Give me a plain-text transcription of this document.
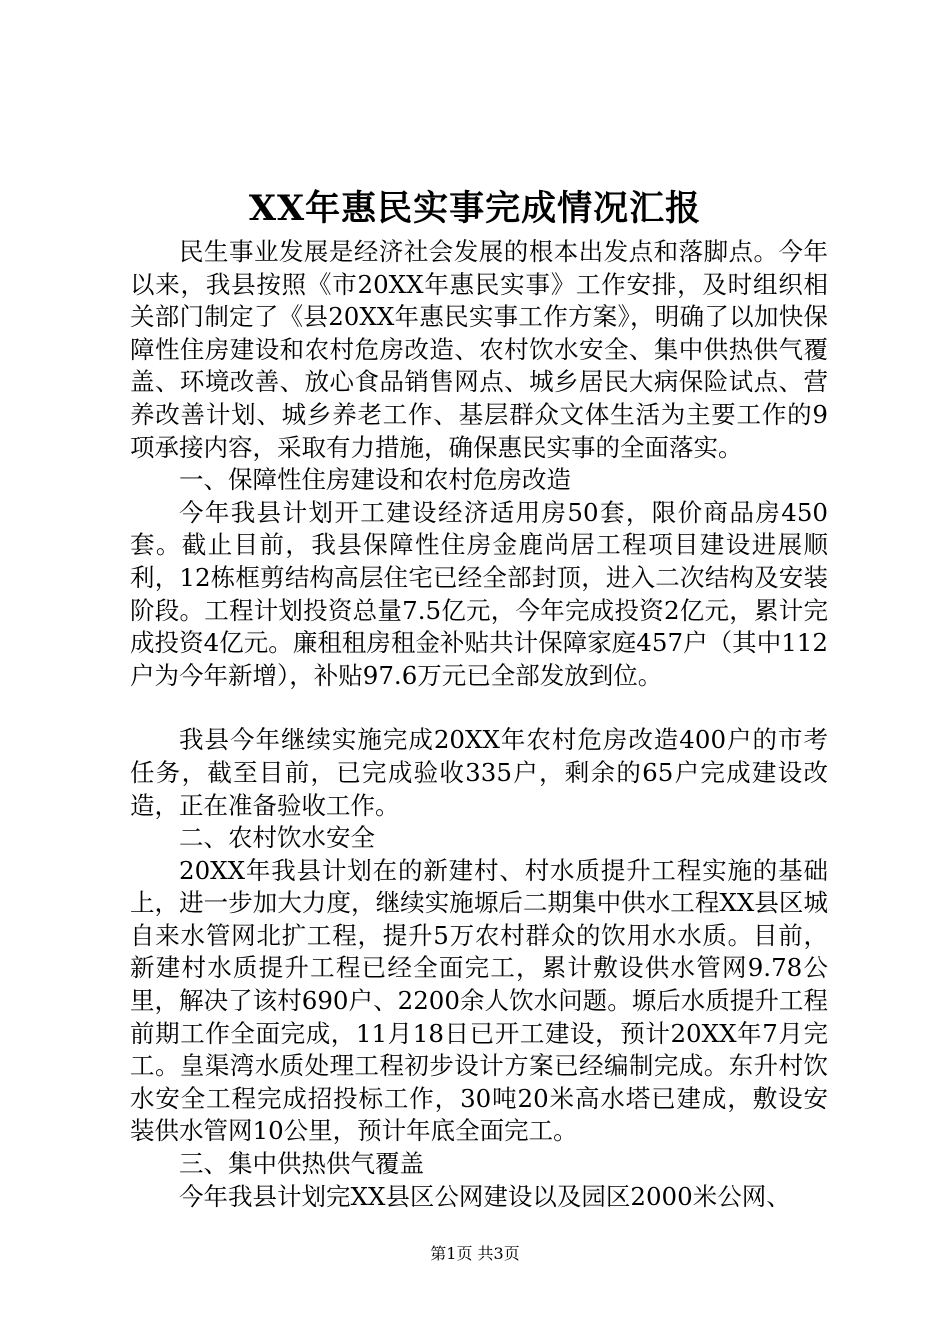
XX年惠民实事完成情况汇报

民生事业发展是经济社会发展的根本出发点和落脚点。今年以来，我县按照《市20XX年惠民实事》工作安排，及时组织相关部门制定了《县20XX年惠民实事工作方案》，明确了以加快保障性住房建设和农村危房改造、农村饮水安全、集中供热供气覆盖、环境改善、放心食品销售网点、城乡居民大病保险试点、营养改善计划、城乡养老工作、基层群众文体生活为主要工作的9项承接内容，采取有力措施，确保惠民实事的全面落实。

一、保障性住房建设和农村危房改造

今年我县计划开工建设经济适用房50套，限价商品房450套。截止目前，我县保障性住房金鹿尚居工程项目建设进展顺利，12栋框剪结构高层住宅已经全部封顶，进入二次结构及安装阶段。工程计划投资总量7.5亿元，今年完成投资2亿元，累计完成投资4亿元。廉租租房租金补贴共计保障家庭457户（其中112户为今年新增），补贴97.6万元已全部发放到位。

我县今年继续实施完成20XX年农村危房改造400户的市考任务，截至目前，已完成验收335户，剩余的65户完成建设改造，正在准备验收工作。

二、农村饮水安全

20XX年我县计划在的新建村、村水质提升工程实施的基础上，进一步加大力度，继续实施塬后二期集中供水工程XX县区城自来水管网北扩工程，提升5万农村群众的饮用水水质。目前，新建村水质提升工程已经全面完工，累计敷设供水管网9.78公里，解决了该村690户、2200余人饮水问题。塬后水质提升工程前期工作全面完成，11月18日已开工建设，预计20XX年7月完工。皇渠湾水质处理工程初步设计方案已经编制完成。东升村饮水安全工程完成招投标工作，30吨20米高水塔已建成，敷设安装供水管网10公里，预计年底全面完工。

三、集中供热供气覆盖

今年我县计划完XX县区公网建设以及园区2000米公网、

第1页 共3页
